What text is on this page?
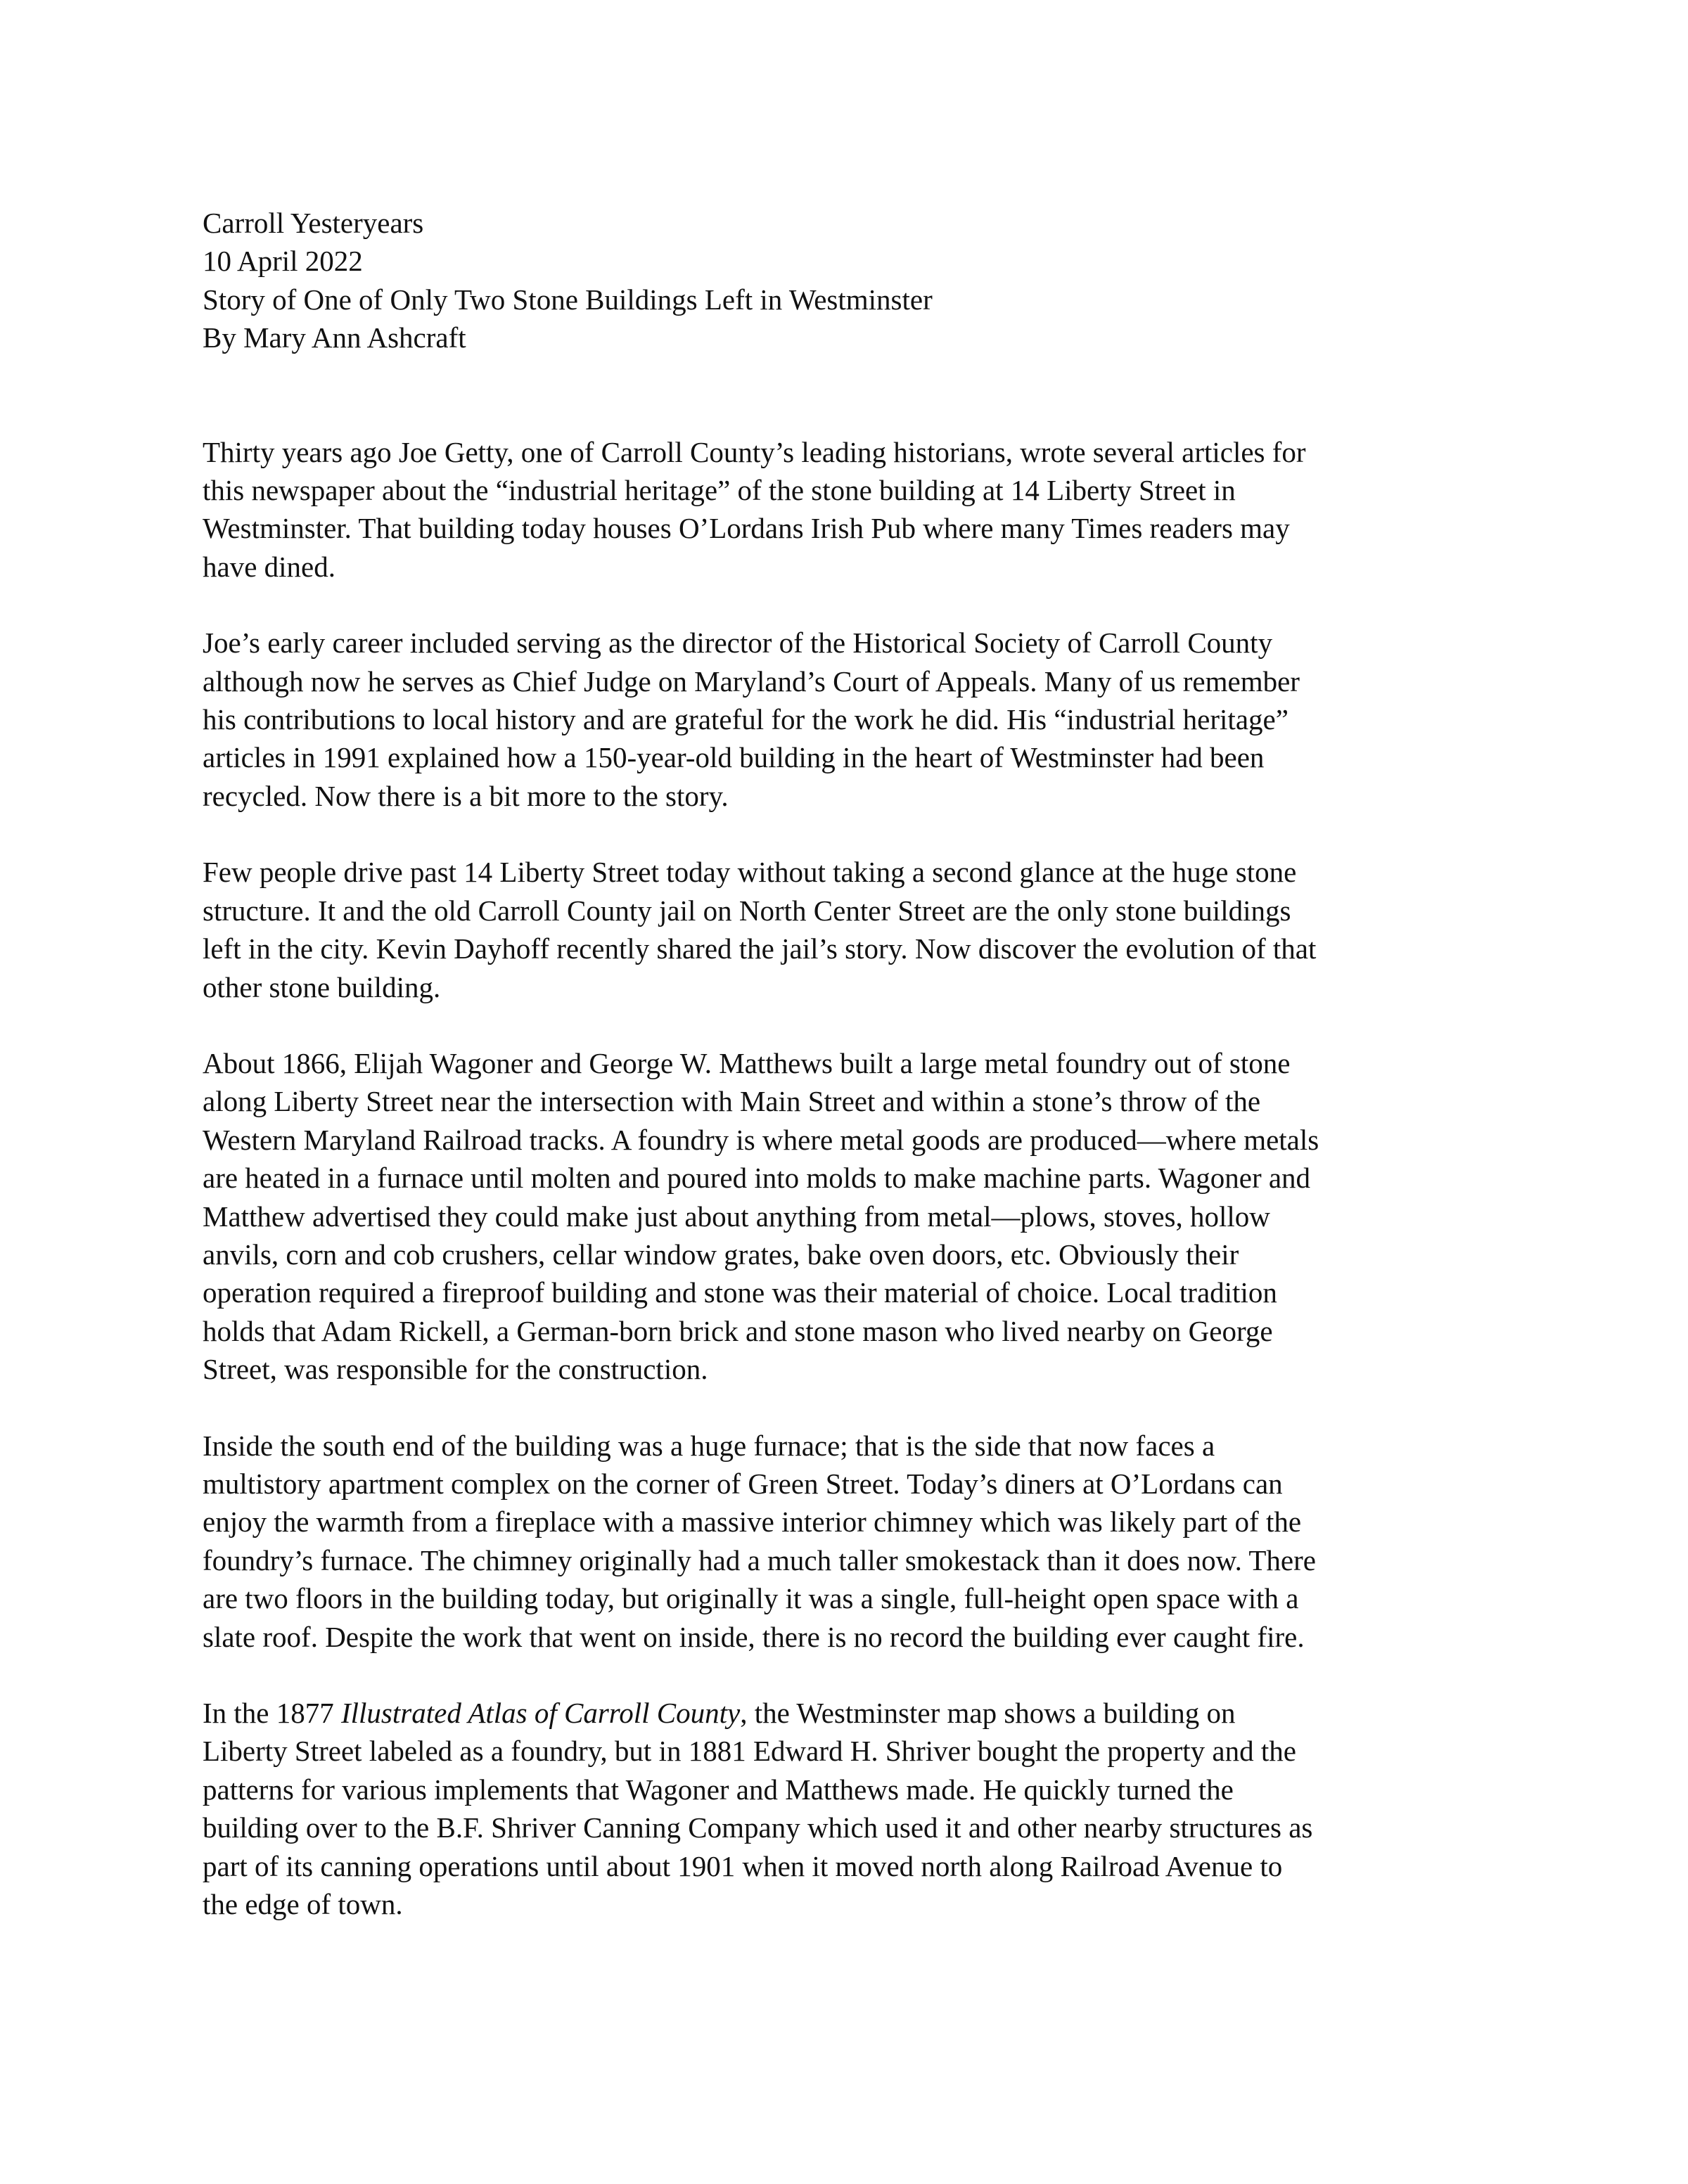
Carroll Yesteryears
10 April 2022
Story of One of Only Two Stone Buildings Left in Westminster
By Mary Ann Ashcraft

Thirty years ago Joe Getty, one of Carroll County’s leading historians, wrote several articles for
this newspaper about the “industrial heritage” of the stone building at 14 Liberty Street in
Westminster. That building today houses O’Lordans Irish Pub where many Times readers may
have dined.

Joe’s early career included serving as the director of the Historical Society of Carroll County
although now he serves as Chief Judge on Maryland’s Court of Appeals. Many of us remember
his contributions to local history and are grateful for the work he did. His “industrial heritage”
articles in 1991 explained how a 150-year-old building in the heart of Westminster had been
recycled. Now there is a bit more to the story.

Few people drive past 14 Liberty Street today without taking a second glance at the huge stone
structure. It and the old Carroll County jail on North Center Street are the only stone buildings
left in the city. Kevin Dayhoff recently shared the jail’s story. Now discover the evolution of that
other stone building.

About 1866, Elijah Wagoner and George W. Matthews built a large metal foundry out of stone
along Liberty Street near the intersection with Main Street and within a stone’s throw of the
Western Maryland Railroad tracks. A foundry is where metal goods are produced—where metals
are heated in a furnace until molten and poured into molds to make machine parts. Wagoner and
Matthew advertised they could make just about anything from metal—plows, stoves, hollow
anvils, corn and cob crushers, cellar window grates, bake oven doors, etc. Obviously their
operation required a fireproof building and stone was their material of choice. Local tradition
holds that Adam Rickell, a German-born brick and stone mason who lived nearby on George
Street, was responsible for the construction.

Inside the south end of the building was a huge furnace; that is the side that now faces a
multistory apartment complex on the corner of Green Street. Today’s diners at O’Lordans can
enjoy the warmth from a fireplace with a massive interior chimney which was likely part of the
foundry’s furnace. The chimney originally had a much taller smokestack than it does now. There
are two floors in the building today, but originally it was a single, full-height open space with a
slate roof. Despite the work that went on inside, there is no record the building ever caught fire.

In the 1877 Illustrated Atlas of Carroll County, the Westminster map shows a building on
Liberty Street labeled as a foundry, but in 1881 Edward H. Shriver bought the property and the
patterns for various implements that Wagoner and Matthews made. He quickly turned the
building over to the B.F. Shriver Canning Company which used it and other nearby structures as
part of its canning operations until about 1901 when it moved north along Railroad Avenue to
the edge of town.
